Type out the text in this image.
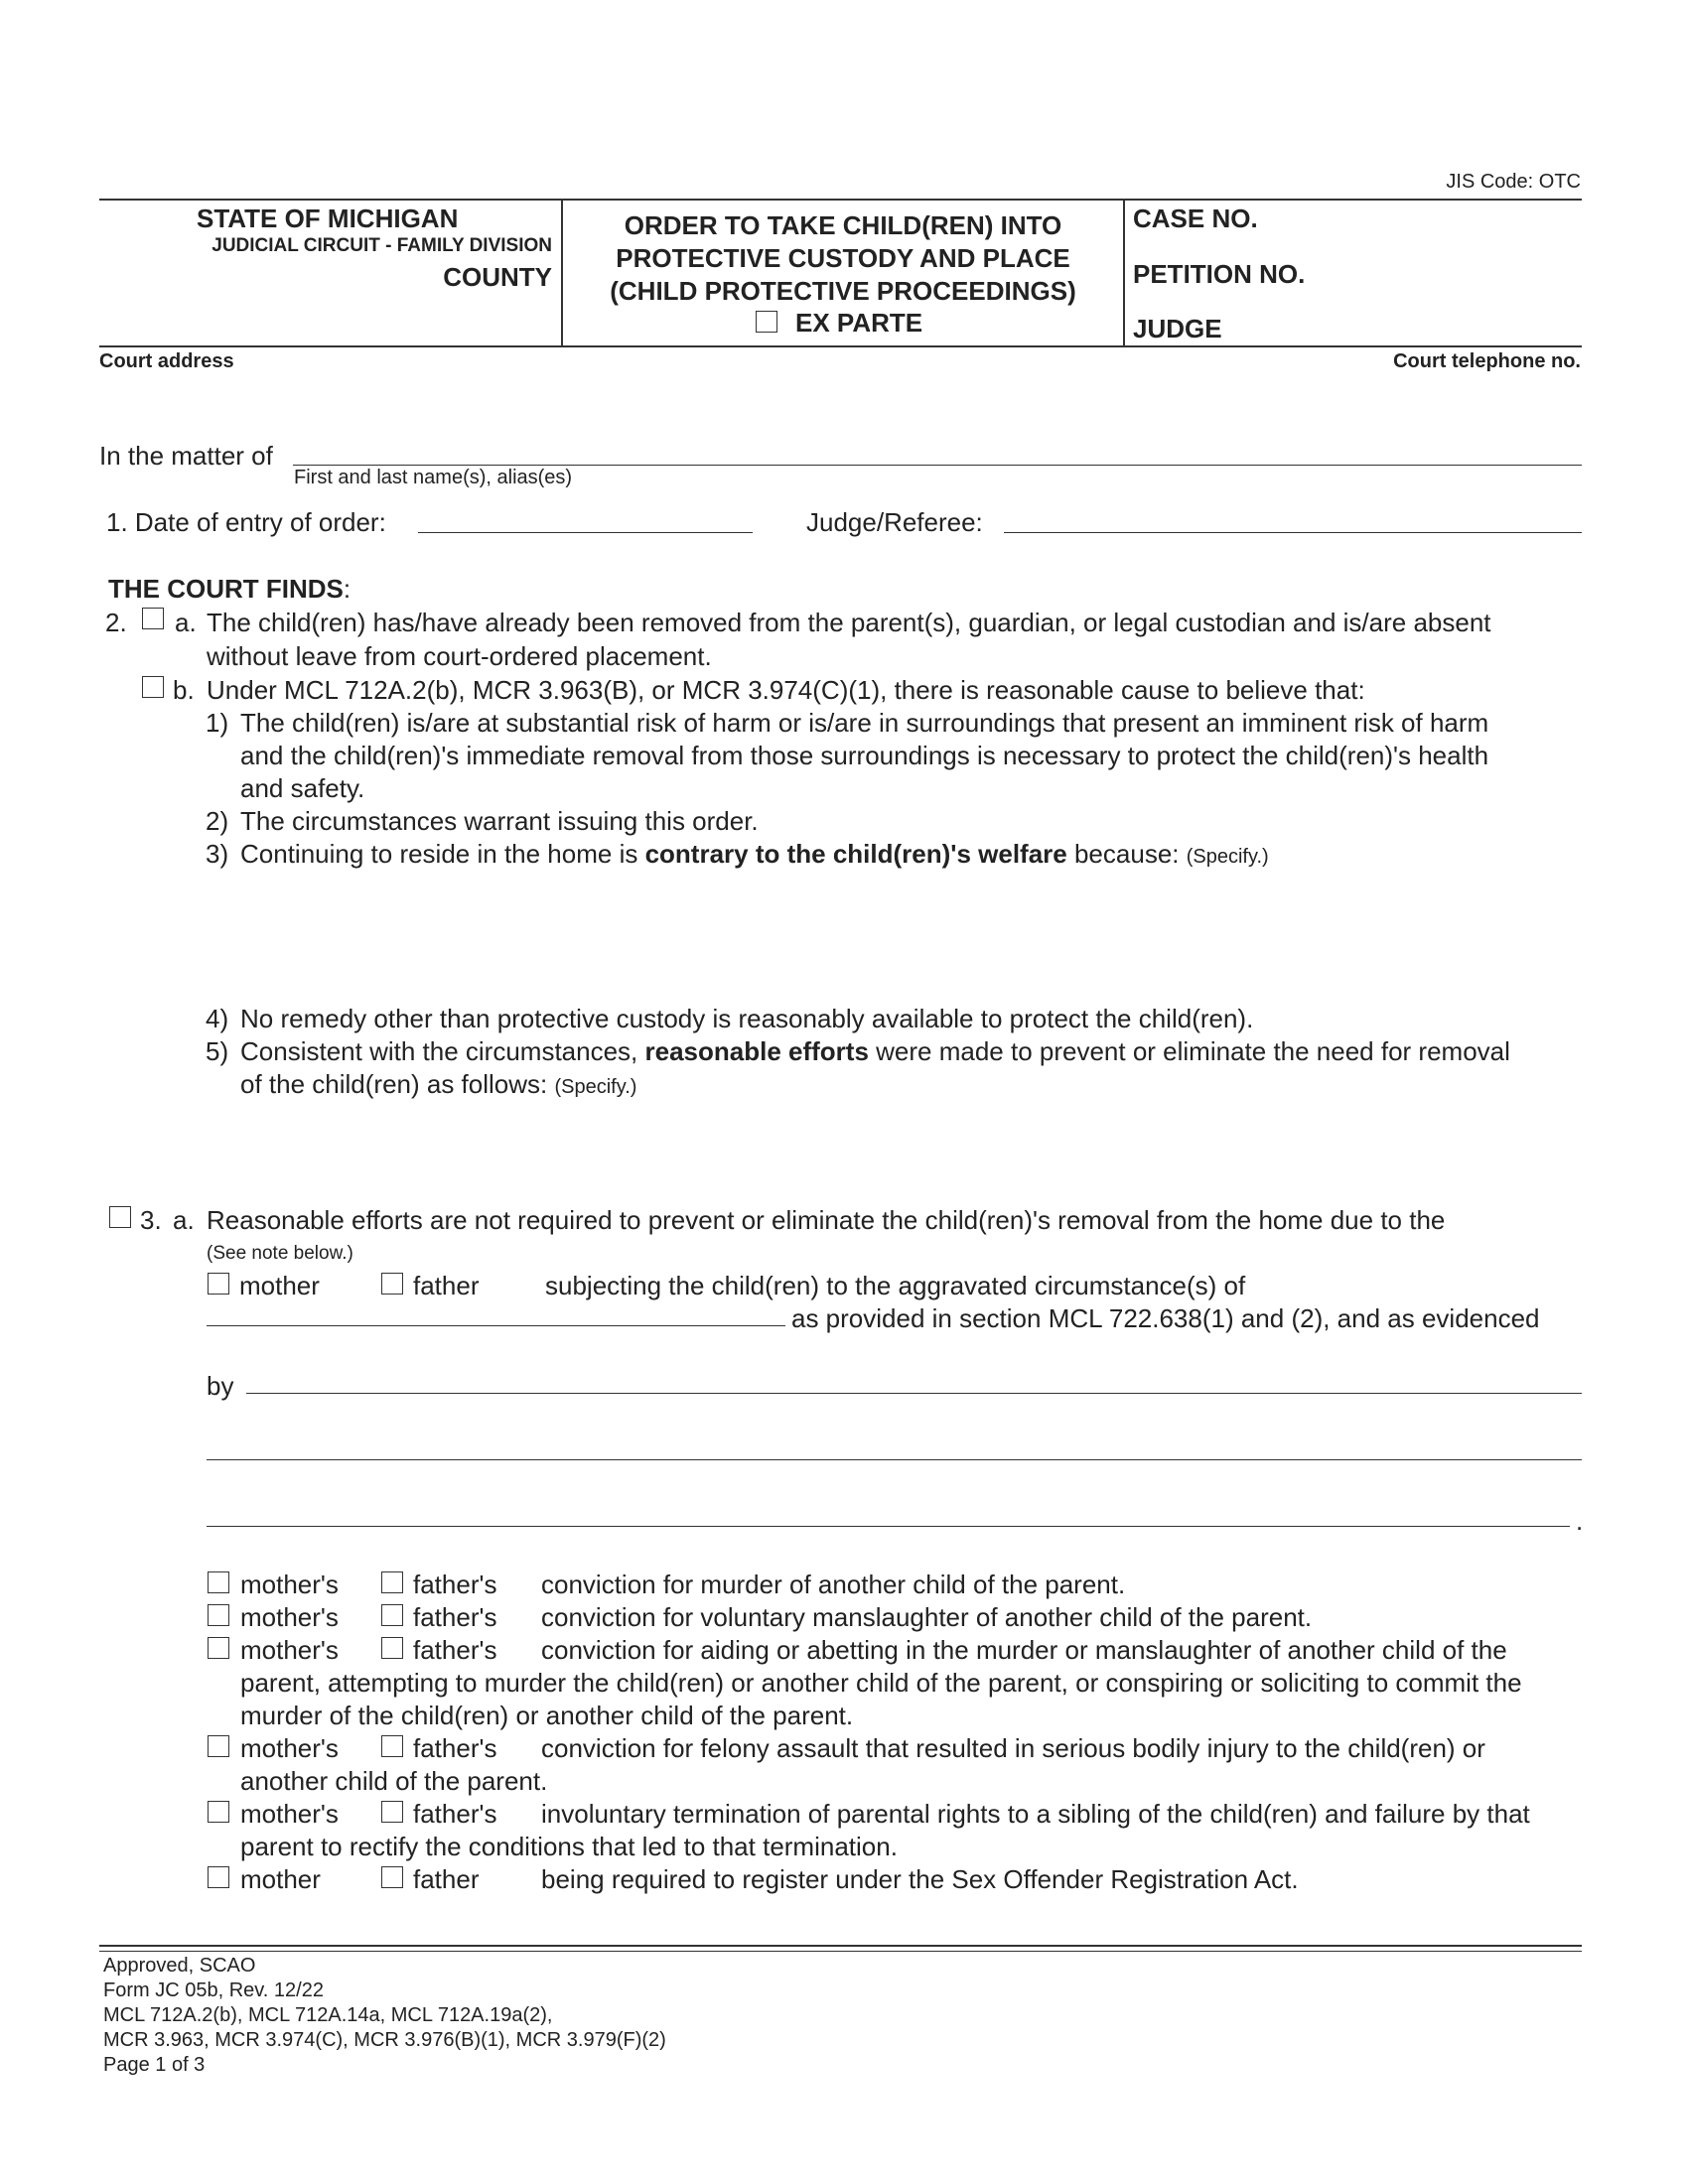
JIS Code: OTC
STATE OF MICHIGAN
JUDICIAL CIRCUIT - FAMILY DIVISION
COUNTY
ORDER TO TAKE CHILD(REN) INTO
PROTECTIVE CUSTODY AND PLACE
(CHILD PROTECTIVE PROCEEDINGS)
EX PARTE
CASE NO.
PETITION NO.
JUDGE
Court address	Court telephone no.
In the matter of
First and last name(s), alias(es)
1. Date of entry of order:	Judge/Referee:
THE COURT FINDS:
2. a. The child(ren) has/have already been removed from the parent(s), guardian, or legal custodian and is/are absent
without leave from court-ordered placement.
b. Under MCL 712A.2(b), MCR 3.963(B), or MCR 3.974(C)(1), there is reasonable cause to believe that:
1) The child(ren) is/are at substantial risk of harm or is/are in surroundings that present an imminent risk of harm
and the child(ren)'s immediate removal from those surroundings is necessary to protect the child(ren)'s health
and safety.
2) The circumstances warrant issuing this order.
3) Continuing to reside in the home is contrary to the child(ren)'s welfare because: (Specify.)
4) No remedy other than protective custody is reasonably available to protect the child(ren).
5) Consistent with the circumstances, reasonable efforts were made to prevent or eliminate the need for removal
of the child(ren) as follows: (Specify.)
3. a. Reasonable efforts are not required to prevent or eliminate the child(ren)'s removal from the home due to the
(See note below.)
mother	father	subjecting the child(ren) to the aggravated circumstance(s) of
as provided in section MCL 722.638(1) and (2), and as evidenced
by
.
mother's	father's conviction for murder of another child of the parent.
mother's	father's conviction for voluntary manslaughter of another child of the parent.
mother's	father's conviction for aiding or abetting in the murder or manslaughter of another child of the
parent, attempting to murder the child(ren) or another child of the parent, or conspiring or soliciting to commit the
murder of the child(ren) or another child of the parent.
mother's	father's conviction for felony assault that resulted in serious bodily injury to the child(ren) or
another child of the parent.
mother's	father's involuntary termination of parental rights to a sibling of the child(ren) and failure by that
parent to rectify the conditions that led to that termination.
mother	father being required to register under the Sex Offender Registration Act.
Approved, SCAO
Form JC 05b, Rev. 12/22
MCL 712A.2(b), MCL 712A.14a, MCL 712A.19a(2),
MCR 3.963, MCR 3.974(C), MCR 3.976(B)(1), MCR 3.979(F)(2)
Page 1 of 3
